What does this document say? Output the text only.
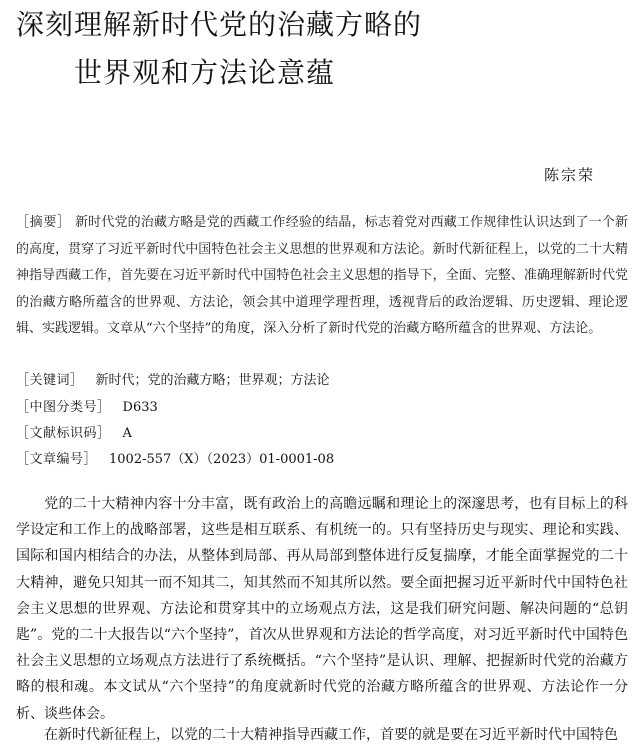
深刻理解新时代党的治藏方略的
世界观和方法论意蕴
陈宗荣
［摘要］ 新时代党的治藏方略是党的西藏工作经验的结晶，标志着党对西藏工作规律性认识达到了一个新的高度，贯穿了习近平新时代中国特色社会主义思想的世界观和方法论。新时代新征程上，以党的二十大精神指导西藏工作，首先要在习近平新时代中国特色社会主义思想的指导下，全面、完整、准确理解新时代党的治藏方略所蕴含的世界观、方法论，领会其中道理学理哲理，透视背后的政治逻辑、历史逻辑、理论逻辑、实践逻辑。文章从“六个坚持”的角度，深入分析了新时代党的治藏方略所蕴含的世界观、方法论。
［关键词］ 新时代；党的治藏方略；世界观；方法论
［中图分类号］ D633
［文献标识码］ A
［文章编号］ 1002-557（X）（2023）01-0001-08

党的二十大精神内容十分丰富，既有政治上的高瞻远瞩和理论上的深邃思考，也有目标上的科学设定和工作上的战略部署，这些是相互联系、有机统一的。只有坚持历史与现实、理论和实践、国际和国内相结合的办法，从整体到局部、再从局部到整体进行反复揣摩，才能全面掌握党的二十大精神，避免只知其一而不知其二，知其然而不知其所以然。要全面把握习近平新时代中国特色社会主义思想的世界观、方法论和贯穿其中的立场观点方法，这是我们研究问题、解决问题的“总钥匙”。党的二十大报告以“六个坚持”，首次从世界观和方法论的哲学高度，对习近平新时代中国特色社会主义思想的立场观点方法进行了系统概括。“六个坚持”是认识、理解、把握新时代党的治藏方略的根和魂。本文试从“六个坚持”的角度就新时代党的治藏方略所蕴含的世界观、方法论作一分析、谈些体会。

在新时代新征程上，以党的二十大精神指导西藏工作，首要的就是要在习近平新时代中国特色
